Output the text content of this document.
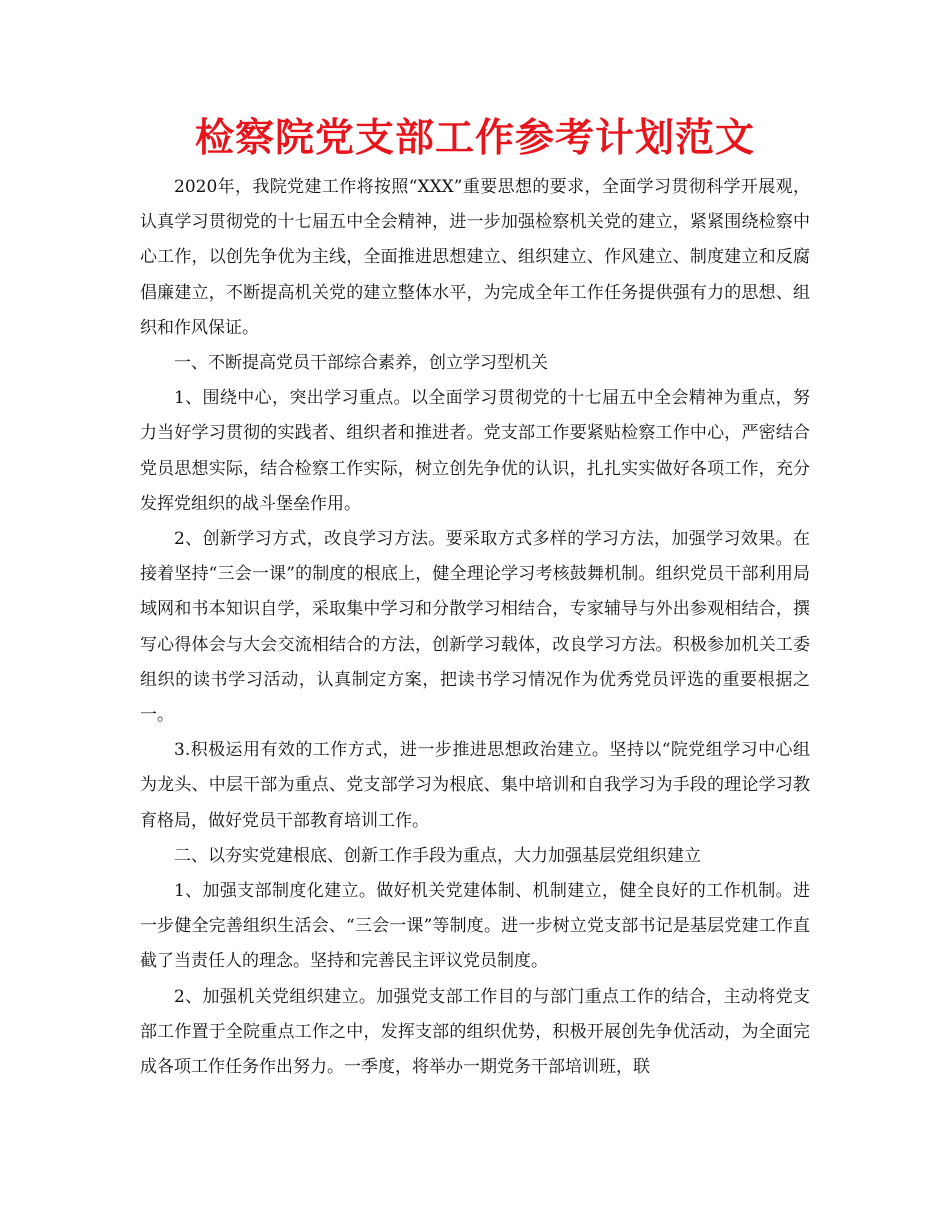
检察院党支部工作参考计划范文

2020年，我院党建工作将按照“XXX”重要思想的要求，全面学习贯彻科学开展观，认真学习贯彻党的十七届五中全会精神，进一步加强检察机关党的建立，紧紧围绕检察中心工作，以创先争优为主线，全面推进思想建立、组织建立、作风建立、制度建立和反腐倡廉建立，不断提高机关党的建立整体水平，为完成全年工作任务提供强有力的思想、组织和作风保证。

一、不断提高党员干部综合素养，创立学习型机关

1、围绕中心，突出学习重点。以全面学习贯彻党的十七届五中全会精神为重点，努力当好学习贯彻的实践者、组织者和推进者。党支部工作要紧贴检察工作中心，严密结合党员思想实际，结合检察工作实际，树立创先争优的认识，扎扎实实做好各项工作，充分发挥党组织的战斗堡垒作用。

2、创新学习方式，改良学习方法。要采取方式多样的学习方法，加强学习效果。在接着坚持“三会一课”的制度的根底上，健全理论学习考核鼓舞机制。组织党员干部利用局域网和书本知识自学，采取集中学习和分散学习相结合，专家辅导与外出参观相结合，撰写心得体会与大会交流相结合的方法，创新学习载体，改良学习方法。积极参加机关工委组织的读书学习活动，认真制定方案，把读书学习情况作为优秀党员评选的重要根据之一。

3.积极运用有效的工作方式，进一步推进思想政治建立。坚持以“院党组学习中心组为龙头、中层干部为重点、党支部学习为根底、集中培训和自我学习为手段的理论学习教育格局，做好党员干部教育培训工作。

二、以夯实党建根底、创新工作手段为重点，大力加强基层党组织建立

1、加强支部制度化建立。做好机关党建体制、机制建立，健全良好的工作机制。进一步健全完善组织生活会、“三会一课”等制度。进一步树立党支部书记是基层党建工作直截了当责任人的理念。坚持和完善民主评议党员制度。

2、加强机关党组织建立。加强党支部工作目的与部门重点工作的结合，主动将党支部工作置于全院重点工作之中，发挥支部的组织优势，积极开展创先争优活动，为全面完成各项工作任务作出努力。一季度，将举办一期党务干部培训班，联
